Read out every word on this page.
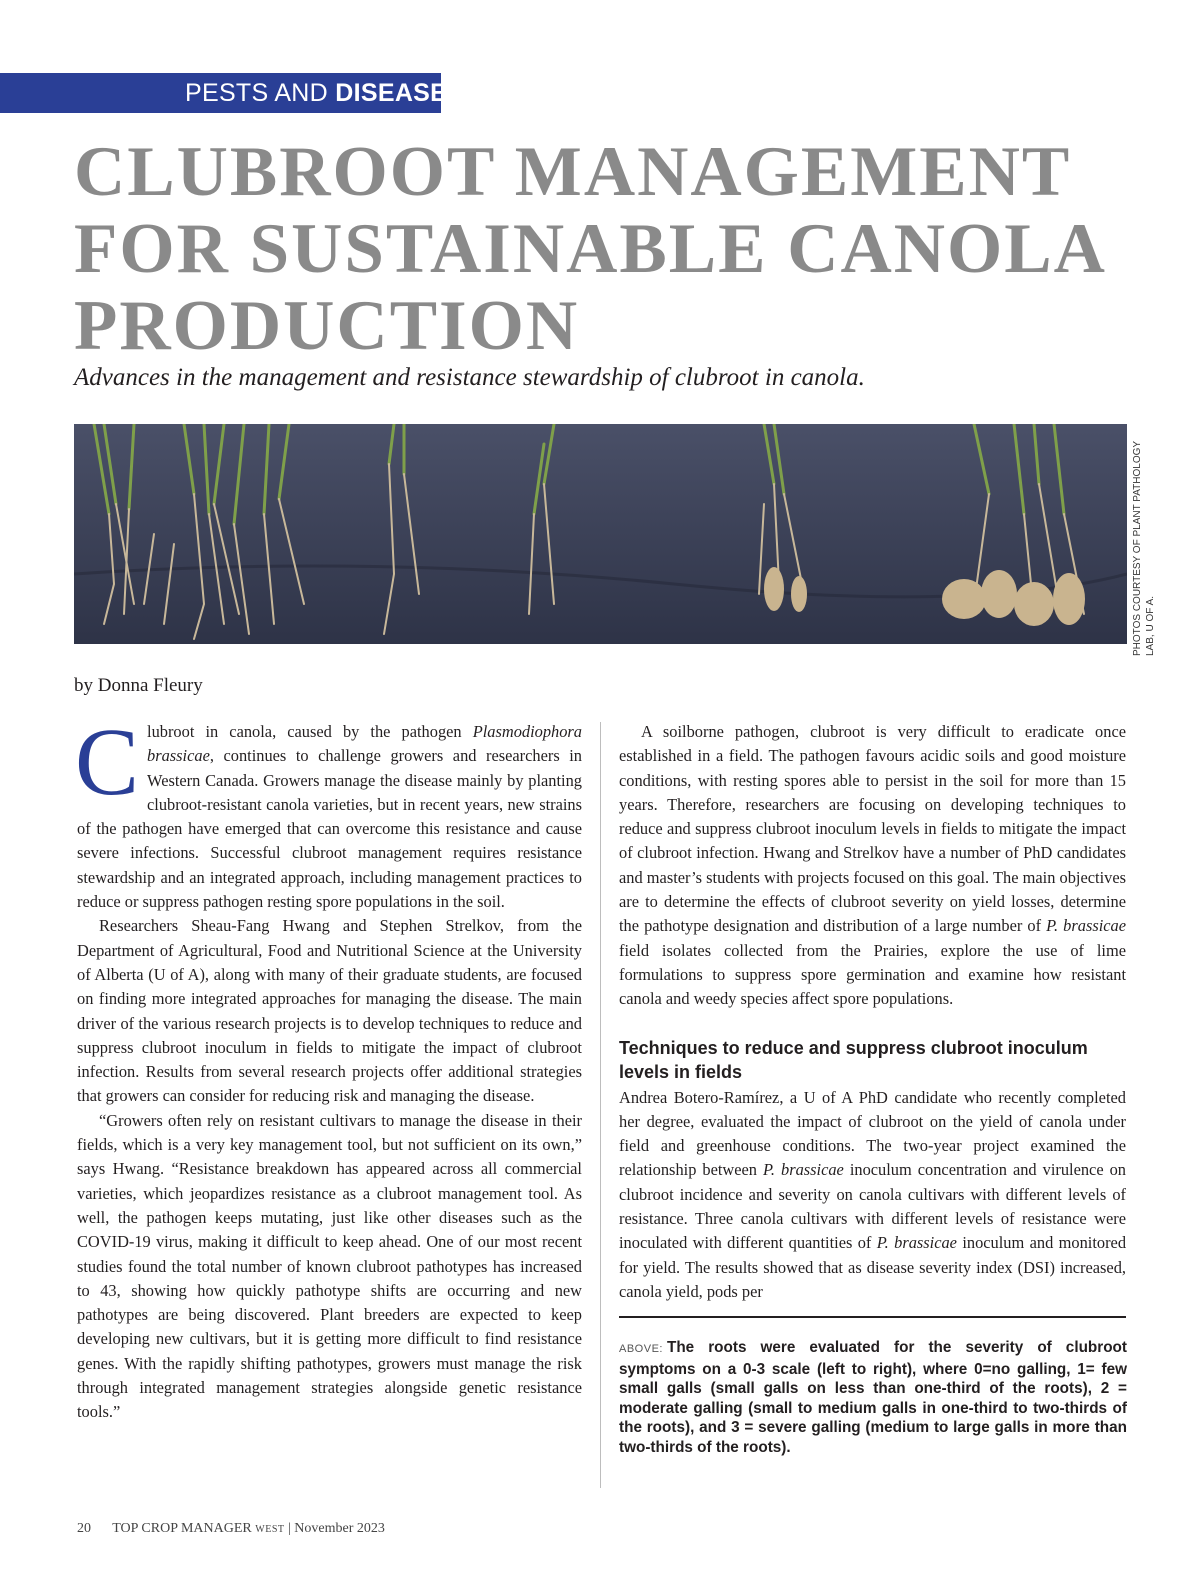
PESTS AND DISEASE
CLUBROOT MANAGEMENT
FOR SUSTAINABLE CANOLA
PRODUCTION
Advances in the management and resistance stewardship of clubroot in canola.
PHOTOS COURTESY OF PLANT PATHOLOGY LAB, U OF A.
by Donna Fleury

Clubroot in canola, caused by the pathogen Plasmodiophora brassicae, continues to challenge growers and researchers in Western Canada. Growers manage the disease mainly by planting clubroot-resistant canola varieties, but in recent years, new strains of the pathogen have emerged that can overcome this resistance and cause severe infections. Successful clubroot management requires resistance stewardship and an integrated approach, including management practices to reduce or suppress pathogen resting spore populations in the soil.

Researchers Sheau-Fang Hwang and Stephen Strelkov, from the Department of Agricultural, Food and Nutritional Science at the University of Alberta (U of A), along with many of their graduate students, are focused on finding more integrated approaches for managing the disease. The main driver of the various research projects is to develop techniques to reduce and suppress clubroot inoculum in fields to mitigate the impact of clubroot infection. Results from several research projects offer additional strategies that growers can consider for reducing risk and managing the disease.

“Growers often rely on resistant cultivars to manage the disease in their fields, which is a very key management tool, but not sufficient on its own,” says Hwang. “Resistance breakdown has appeared across all commercial varieties, which jeopardizes resistance as a clubroot management tool. As well, the pathogen keeps mutating, just like other diseases such as the COVID-19 virus, making it difficult to keep ahead. One of our most recent studies found the total number of known clubroot pathotypes has increased to 43, showing how quickly pathotype shifts are occurring and new pathotypes are being discovered. Plant breeders are expected to keep developing new cultivars, but it is getting more difficult to find resistance genes. With the rapidly shifting pathotypes, growers must manage the risk through integrated management strategies alongside genetic resistance tools.”

A soilborne pathogen, clubroot is very difficult to eradicate once established in a field. The pathogen favours acidic soils and good moisture conditions, with resting spores able to persist in the soil for more than 15 years. Therefore, researchers are focusing on developing techniques to reduce and suppress clubroot inoculum levels in fields to mitigate the impact of clubroot infection. Hwang and Strelkov have a number of PhD candidates and master’s students with projects focused on this goal. The main objectives are to determine the effects of clubroot severity on yield losses, determine the pathotype designation and distribution of a large number of P. brassicae field isolates collected from the Prairies, explore the use of lime formulations to suppress spore germination and examine how resistant canola and weedy species affect spore populations.

Techniques to reduce and suppress clubroot inoculum levels in fields

Andrea Botero-Ramírez, a U of A PhD candidate who recently completed her degree, evaluated the impact of clubroot on the yield of canola under field and greenhouse conditions. The two-year project examined the relationship between P. brassicae inoculum concentration and virulence on clubroot incidence and severity on canola cultivars with different levels of resistance. Three canola cultivars with different levels of resistance were inoculated with different quantities of P. brassicae inoculum and monitored for yield. The results showed that as disease severity index (DSI) increased, canola yield, pods per

ABOVE: The roots were evaluated for the severity of clubroot symptoms on a 0-3 scale (left to right), where 0=no galling, 1= few small galls (small galls on less than one-third of the roots), 2 = moderate galling (small to medium galls in one-third to two-thirds of the roots), and 3 = severe galling (medium to large galls in more than two-thirds of the roots).
20 TOP CROP MANAGER WEST | November 2023
